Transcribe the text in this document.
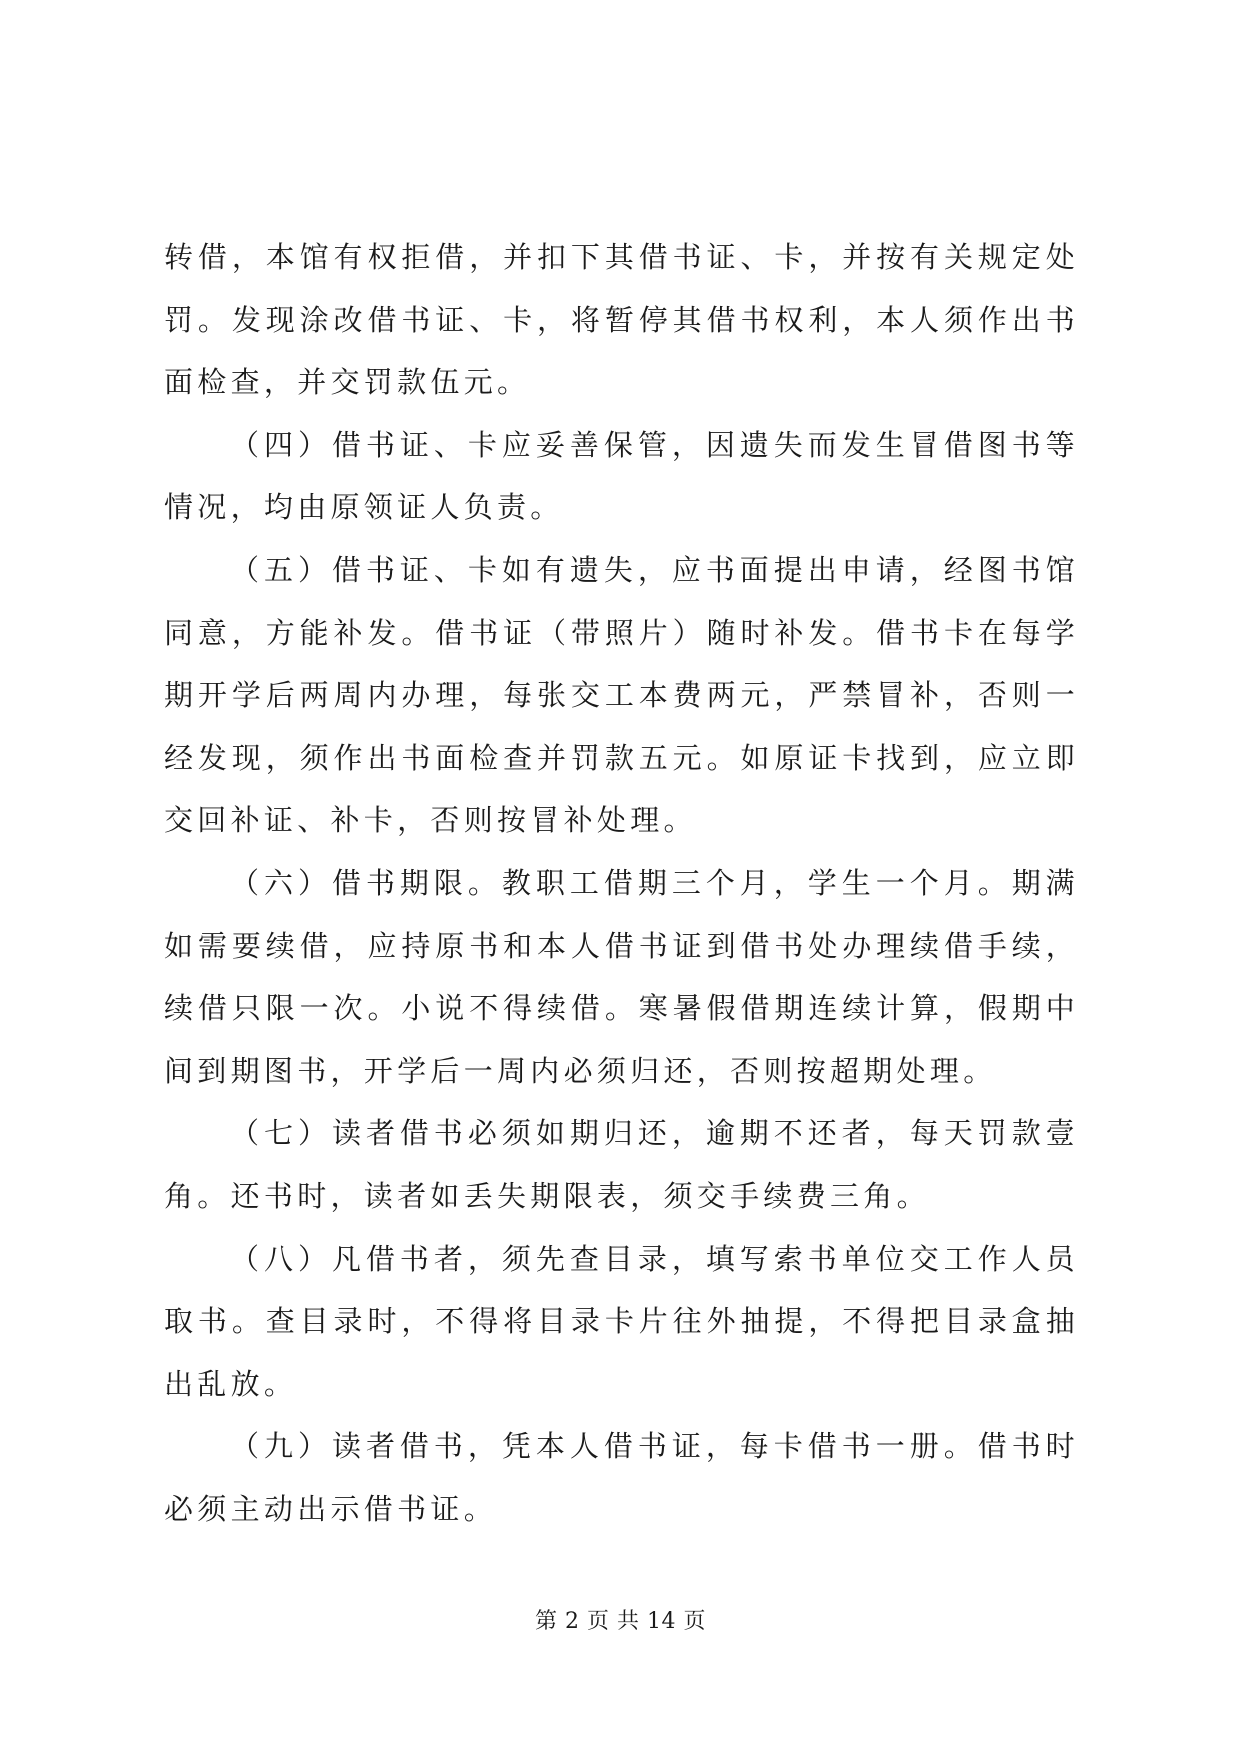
转借，本馆有权拒借，并扣下其借书证、卡，并按有关规定处罚。发现涂改借书证、卡，将暂停其借书权利，本人须作出书面检查，并交罚款伍元。

（四）借书证、卡应妥善保管，因遗失而发生冒借图书等情况，均由原领证人负责。

（五）借书证、卡如有遗失，应书面提出申请，经图书馆同意，方能补发。借书证（带照片）随时补发。借书卡在每学期开学后两周内办理，每张交工本费两元，严禁冒补，否则一经发现，须作出书面检查并罚款五元。如原证卡找到，应立即交回补证、补卡，否则按冒补处理。

（六）借书期限。教职工借期三个月，学生一个月。期满如需要续借，应持原书和本人借书证到借书处办理续借手续，续借只限一次。小说不得续借。寒暑假借期连续计算，假期中间到期图书，开学后一周内必须归还，否则按超期处理。

（七）读者借书必须如期归还，逾期不还者，每天罚款壹角。还书时，读者如丢失期限表，须交手续费三角。

（八）凡借书者，须先查目录，填写索书单位交工作人员取书。查目录时，不得将目录卡片往外抽提，不得把目录盒抽出乱放。

（九）读者借书，凭本人借书证，每卡借书一册。借书时必须主动出示借书证。

第 2 页 共 14 页
